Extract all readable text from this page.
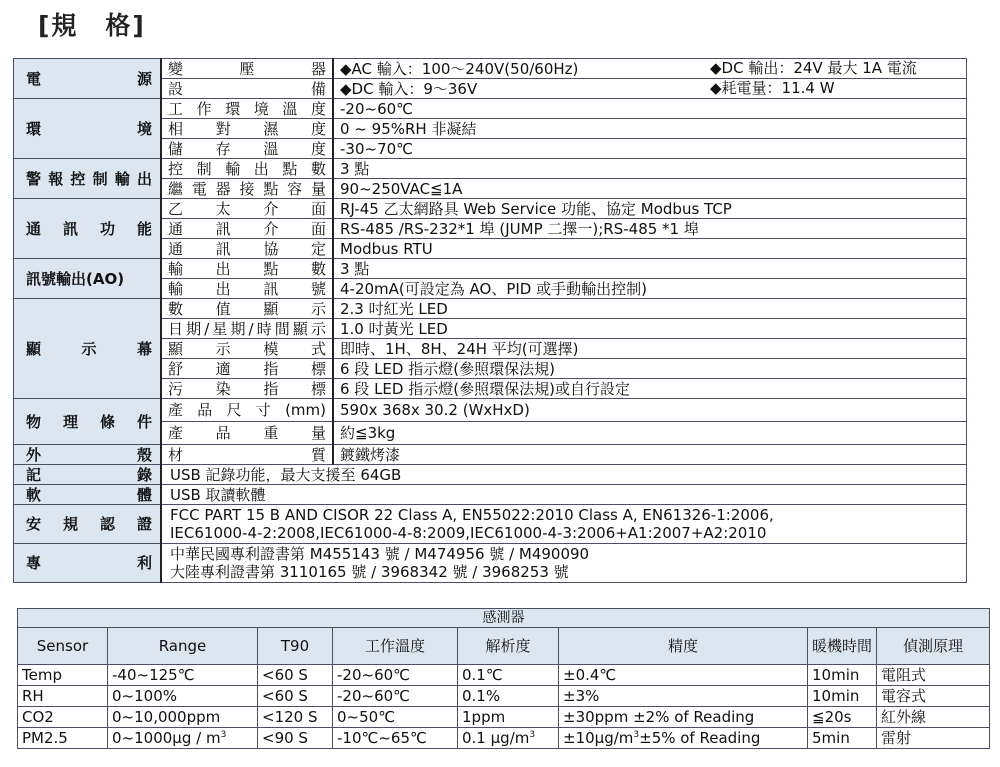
[規　格]
電　　　源	變　壓　器	◆AC 輸入：100～240V(50/60Hz) ◆DC 輸出：24V 最大 1A 電流

	設　　　備	◆DC 輸入：9～36V ◆耗電量：11.4 W

環　　　境	工作環境溫度	-20~60℃
	相　對　濕　度	0 ~ 95%RH 非凝結
	儲　存　溫　度	-30~70℃
警報控制輸出	控制輸出點數	3 點
	繼電器接點容量	90~250VAC≦1A
通　訊　功　能	乙　太　介　面	RJ-45 乙太網路具 Web Service 功能、協定 Modbus TCP
	通　訊　介　面	RS-485 /RS-232*1 埠 (JUMP 二擇一);RS-485 *1 埠
	通　訊　協　定	Modbus RTU
訊號輸出(AO)	輸　出　點　數	3 點
	輸　出　訊　號	4-20mA(可設定為 AO、PID 或手動輸出控制)
顯　示　幕	數　值　顯　示	2.3 吋紅光 LED
	日期/星期/時間顯示	1.0 吋黃光 LED
	顯　示　模　式	即時、1H、8H、24H 平均(可選擇)
	舒　適　指　標	6 段 LED 指示燈(參照環保法規)
	污　染　指　標	6 段 LED 指示燈(參照環保法規)或自行設定
物　理　條　件	產品尺寸(mm)	590x 368x 30.2 (WxHxD)
	產　品　重　量	約≦3kg
外　　　殼	材　　　質	鍍鐵烤漆
記　　　錄	USB 記錄功能，最大支援至 64GB	
軟　　　體	USB 取讀軟體	
安　規　認　證	FCC PART 15 B AND CISOR 22 Class A, EN55022:2010 Class A, EN61326-1:2006,
IEC61000-4-2:2008,IEC61000-4-8:2009,IEC61000-4-3:2006+A1:2007+A2:2010	

專　　　利	中華民國專利證書第 M455143 號 / M474956 號 / M490090
大陸專利證書第 3110165 號 / 3968342 號 / 3968253 號	
感測器							
Sensor	Range	T90	工作溫度	解析度	精度	暖機時間	偵測原理
Temp	-40~125℃	<60 S	-20~60℃	0.1℃	±0.4℃	10min	電阻式
RH	0~100%	<60 S	-20~60℃	0.1%	±3%	10min	電容式
CO2	0~10,000ppm	<120 S	0~50℃	1ppm	±30ppm ±2% of Reading	≦20s	紅外線
PM2.5	0~1000μg / $m^3$	<90 S	-10℃~65℃	0.1 $\mu g/m^3$	$\pm 10\mu g/m^3\pm 5\%$ of Reading	5min	雷射
